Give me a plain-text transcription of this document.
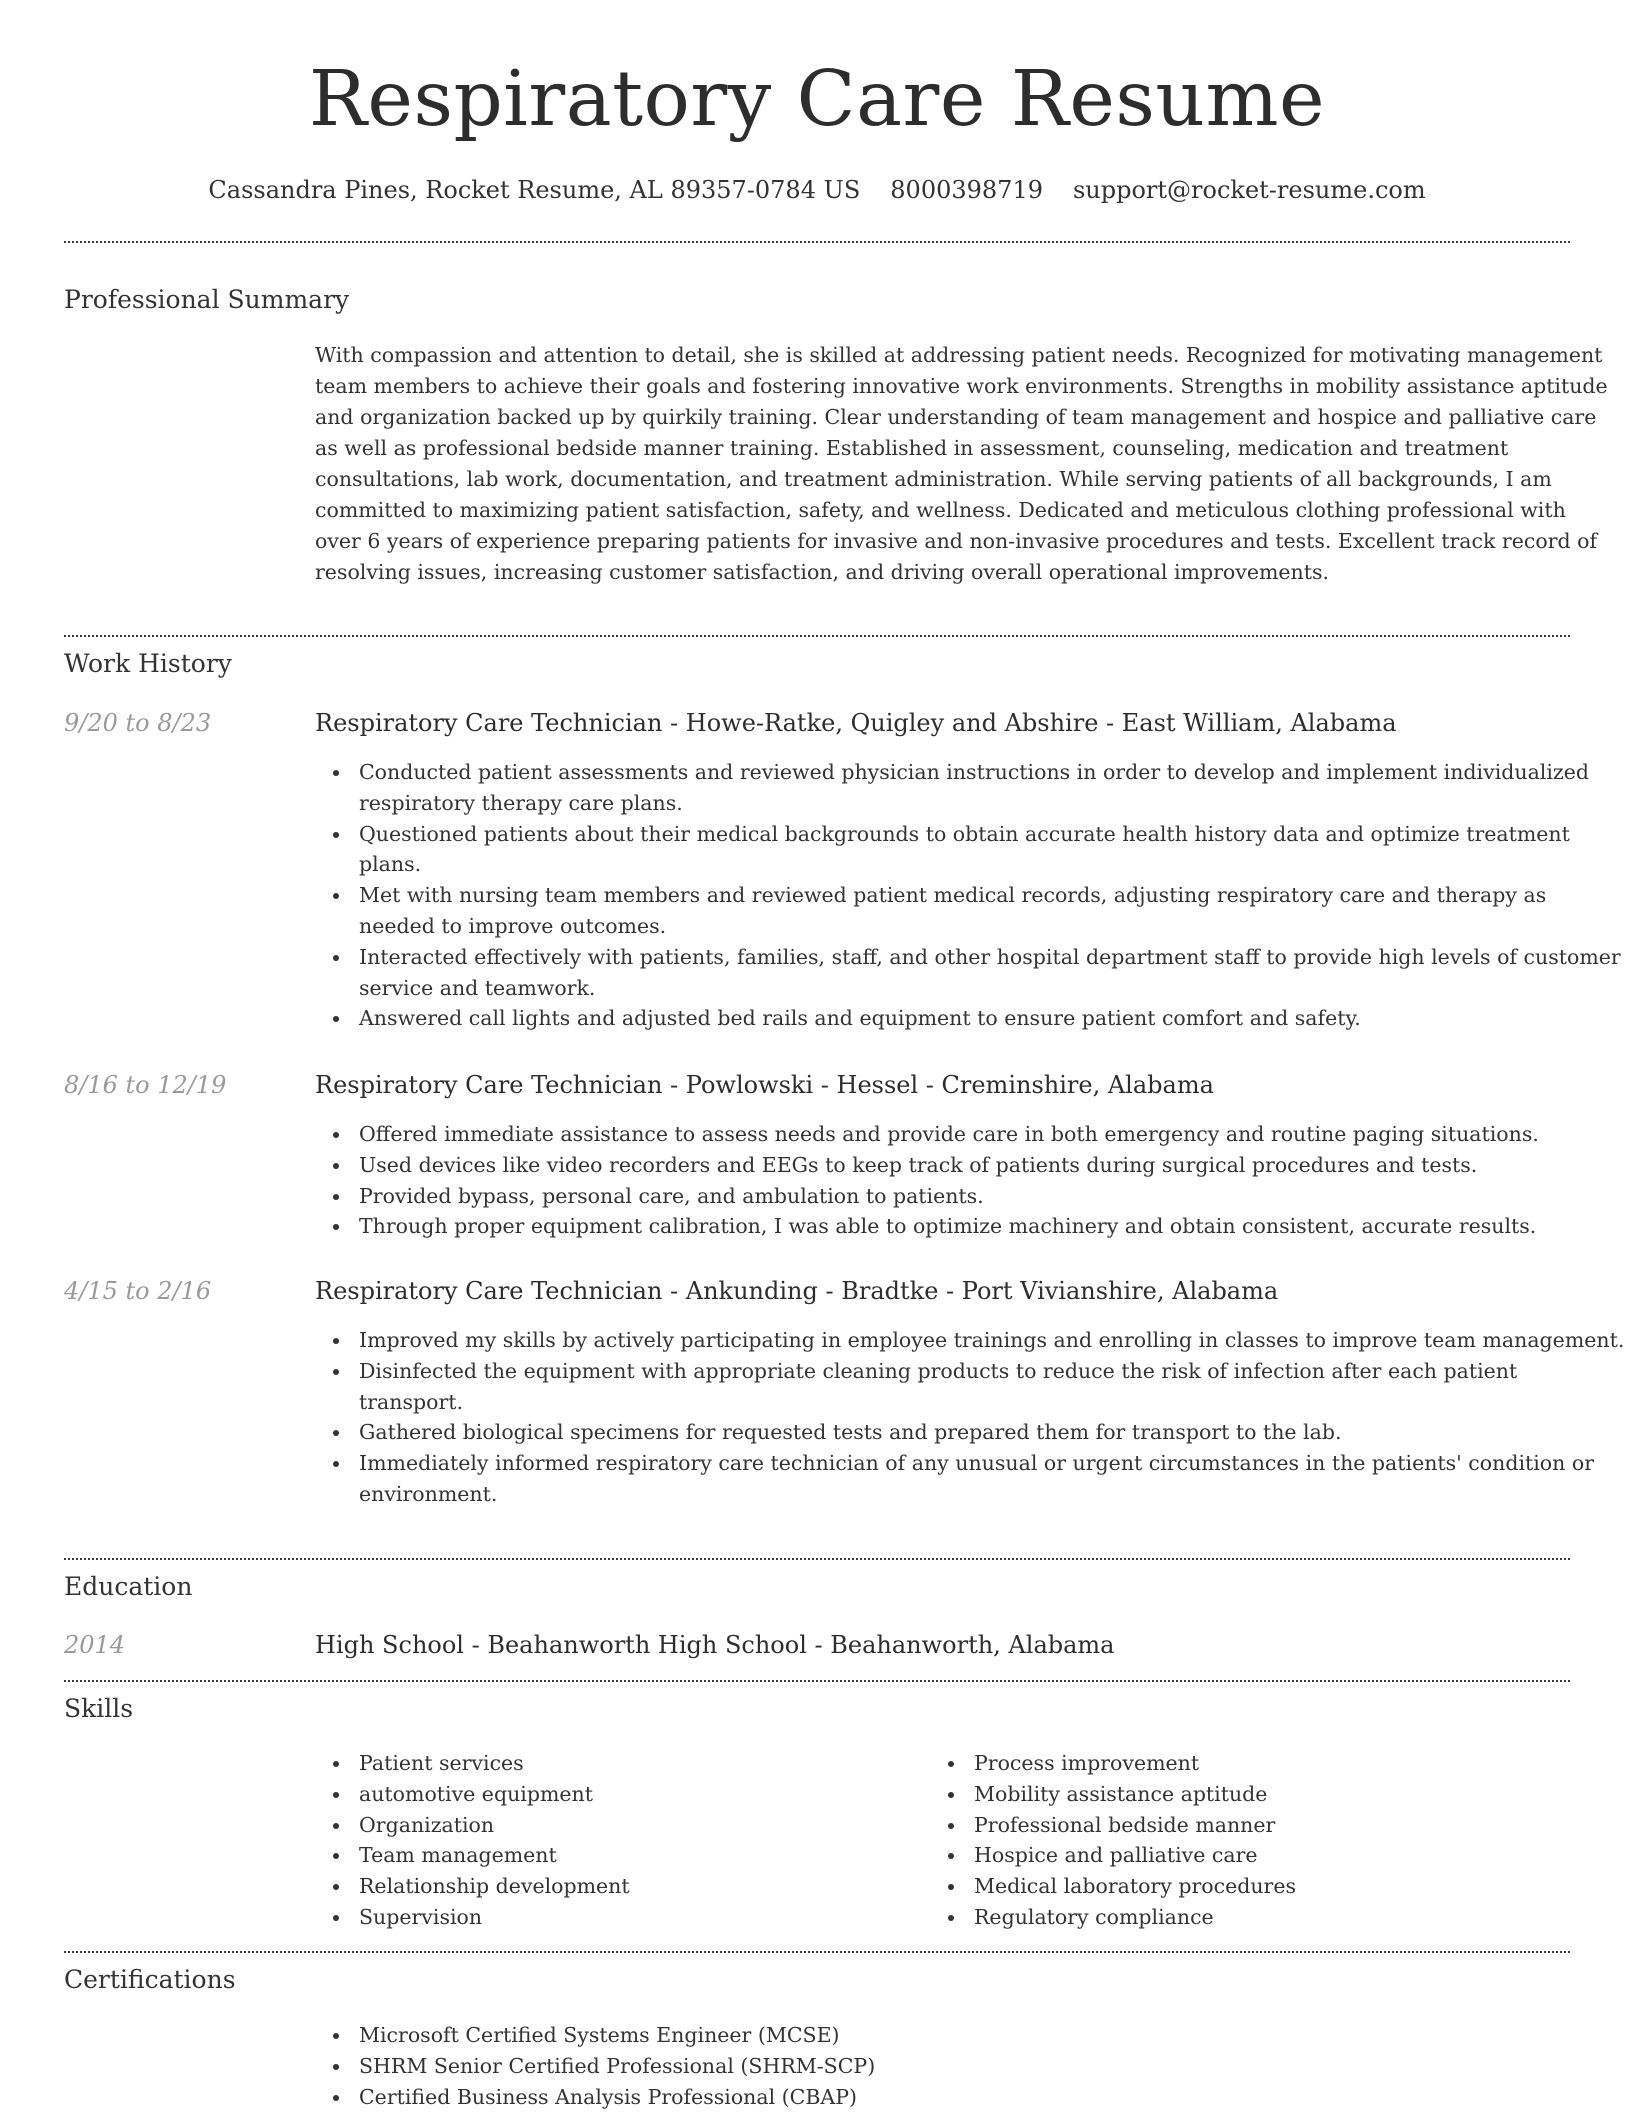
Respiratory Care Resume
Cassandra Pines, Rocket Resume, AL 89357-0784 US 8000398719 support@rocket-resume.com
Professional Summary

With compassion and attention to detail, she is skilled at addressing patient needs. Recognized for motivating management team members to achieve their goals and fostering innovative work environments. Strengths in mobility assistance aptitude and organization backed up by quirkily training. Clear understanding of team management and hospice and palliative care as well as professional bedside manner training. Established in assessment, counseling, medication and treatment consultations, lab work, documentation, and treatment administration. While serving patients of all backgrounds, I am committed to maximizing patient satisfaction, safety, and wellness. Dedicated and meticulous clothing professional with over 6 years of experience preparing patients for invasive and non-invasive procedures and tests. Excellent track record of resolving issues, increasing customer satisfaction, and driving overall operational improvements.

Work History
9/20 to 8/23	Respiratory Care Technician - Howe-Ratke, Quigley and Abshire - East William, Alabama
Conducted patient assessments and reviewed physician instructions in order to develop and implement individualized respiratory therapy care plans.
Questioned patients about their medical backgrounds to obtain accurate health history data and optimize treatment plans.
Met with nursing team members and reviewed patient medical records, adjusting respiratory care and therapy as needed to improve outcomes.
Interacted effectively with patients, families, staff, and other hospital department staff to provide high levels of customer service and teamwork.
Answered call lights and adjusted bed rails and equipment to ensure patient comfort and safety.
8/16 to 12/19	Respiratory Care Technician - Powlowski - Hessel - Creminshire, Alabama
Offered immediate assistance to assess needs and provide care in both emergency and routine paging situations.
Used devices like video recorders and EEGs to keep track of patients during surgical procedures and tests.
Provided bypass, personal care, and ambulation to patients.
Through proper equipment calibration, I was able to optimize machinery and obtain consistent, accurate results.
4/15 to 2/16	Respiratory Care Technician - Ankunding - Bradtke - Port Vivianshire, Alabama
Improved my skills by actively participating in employee trainings and enrolling in classes to improve team management.
Disinfected the equipment with appropriate cleaning products to reduce the risk of infection after each patient transport.
Gathered biological specimens for requested tests and prepared them for transport to the lab.
Immediately informed respiratory care technician of any unusual or urgent circumstances in the patients' condition or environment.
Education
2014	High School - Beahanworth High School - Beahanworth, Alabama
Skills
Patient services
automotive equipment
Organization
Team management
Relationship development
Supervision
Process improvement
Mobility assistance aptitude
Professional bedside manner
Hospice and palliative care
Medical laboratory procedures
Regulatory compliance
Certifications
Microsoft Certified Systems Engineer (MCSE)
SHRM Senior Certified Professional (SHRM-SCP)
Certified Business Analysis Professional (CBAP)
